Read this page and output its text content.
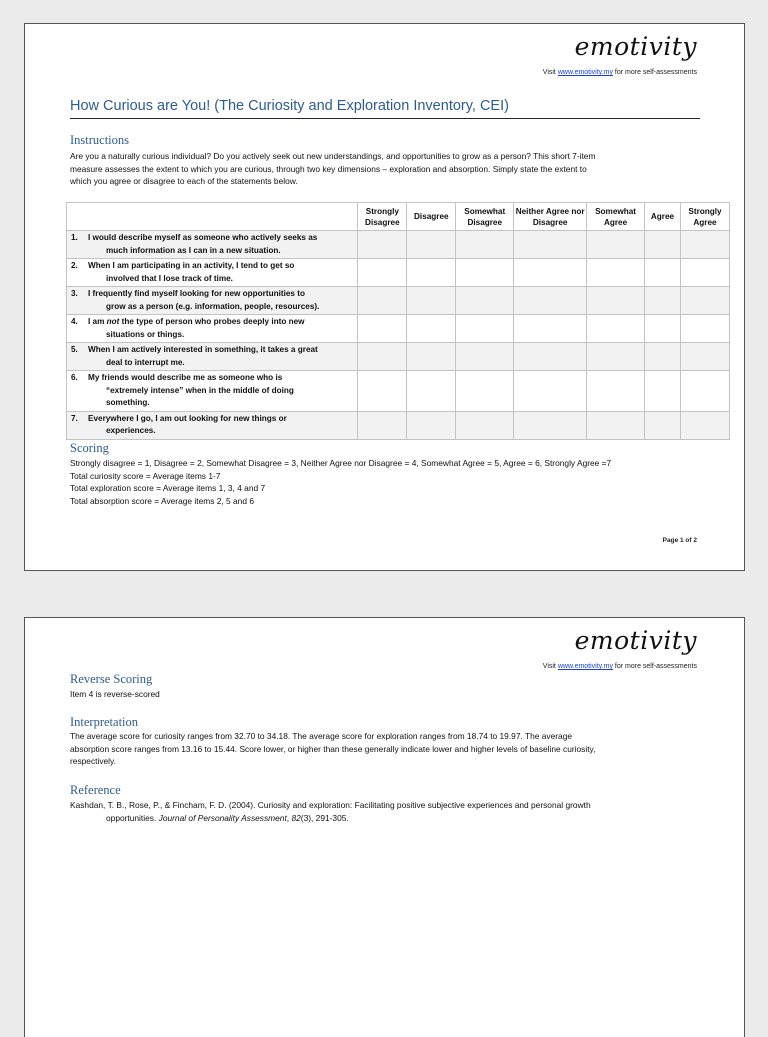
emotivity
Visit www.emotivity.my for more self-assessments
How Curious are You! (The Curiosity and Exploration Inventory, CEI)
Instructions
Are you a naturally curious individual? Do you actively seek out new understandings, and opportunities to grow as a person? This short 7-item
measure assesses the extent to which you are curious, through two key dimensions – exploration and absorption. Simply state the extent to
which you agree or disagree to each of the statements below.
	Strongly Disagree	Disagree	Somewhat Disagree	Neither Agree nor Disagree	Somewhat Agree	Agree	Strongly Agree
1. I would describe myself as someone who actively seeks as
much information as I can in a new situation.							

2. When I am participating in an activity, I tend to get so
involved that I lose track of time.							

3. I frequently find myself looking for new opportunities to
grow as a person (e.g. information, people, resources).							

4. I am not the type of person who probes deeply into new
situations or things.							

5. When I am actively interested in something, it takes a great
deal to interrupt me.							

6. My friends would describe me as someone who is
“extremely intense” when in the middle of doing
something.							

7. Everywhere I go, I am out looking for new things or
experiences.							

Scoring
Strongly disagree = 1, Disagree = 2, Somewhat Disagree = 3, Neither Agree nor Disagree = 4, Somewhat Agree = 5, Agree = 6, Strongly Agree =7
Total curiosity score = Average items 1-7
Total exploration score = Average items 1, 3, 4 and 7
Total absorption score = Average items 2, 5 and 6
Page 1 of 2
emotivity
Visit www.emotivity.my for more self-assessments
Reverse Scoring
Item 4 is reverse-scored
Interpretation
The average score for curiosity ranges from 32.70 to 34.18. The average score for exploration ranges from 18.74 to 19.97. The average
absorption score ranges from 13.16 to 15.44. Score lower, or higher than these generally indicate lower and higher levels of baseline curiosity,
respectively.
Reference
Kashdan, T. B., Rose, P., & Fincham, F. D. (2004). Curiosity and exploration: Facilitating positive subjective experiences and personal growth
opportunities. Journal of Personality Assessment, 82(3), 291-305.
